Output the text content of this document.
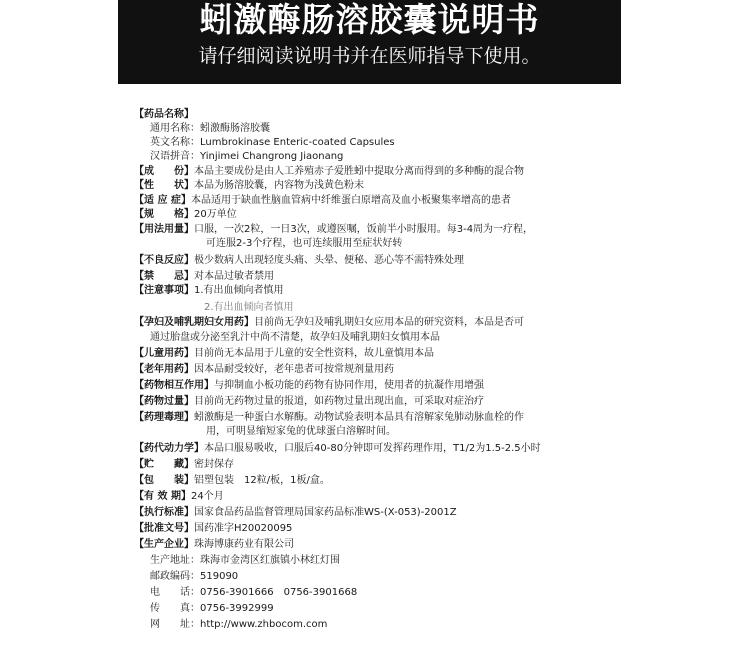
蚓激酶肠溶胶囊说明书
请仔细阅读说明书并在医师指导下使用。
【药品名称】
通用名称：蚓激酶肠溶胶囊
英文名称：Lumbrokinase Enteric-coated Capsules
汉语拼音：Yinjimei Changrong Jiaonang
【成　　份】本品主要成份是由人工养殖赤子爱胜蚓中提取分离而得到的多种酶的混合物
【性　　状】本品为肠溶胶囊，内容物为浅黄色粉末
【适 应 症】本品适用于缺血性脑血管病中纤维蛋白原增高及血小板聚集率增高的患者
【规　　格】20万单位
【用法用量】口服，一次2粒，一日3次，或遵医嘱，饭前半小时服用。每3-4周为一疗程，
可连服2-3个疗程，也可连续服用至症状好转
【不良反应】极少数病人出现轻度头痛、头晕、便秘、恶心等不需特殊处理
【禁　　忌】对本品过敏者禁用
【注意事项】1.有出血倾向者慎用
2.有出血倾向者慎用
【孕妇及哺乳期妇女用药】目前尚无孕妇及哺乳期妇女应用本品的研究资料，本品是否可
通过胎盘或分泌至乳汁中尚不清楚，故孕妇及哺乳期妇女慎用本品
【儿童用药】目前尚无本品用于儿童的安全性资料，故儿童慎用本品
【老年用药】因本品耐受较好，老年患者可按常规剂量用药
【药物相互作用】与抑制血小板功能的药物有协同作用，使用者的抗凝作用增强
【药物过量】目前尚无药物过量的报道，如药物过量出现出血，可采取对症治疗
【药理毒理】蚓激酶是一种蛋白水解酶。动物试验表明本品具有溶解家兔肺动脉血栓的作
用，可明显缩短家兔的优球蛋白溶解时间。
【药代动力学】本品口服易吸收，口服后40-80分钟即可发挥药理作用，T1/2为1.5-2.5小时
【贮　　藏】密封保存
【包　　装】铝塑包装　12粒/板，1板/盒。
【有 效 期】24个月
【执行标准】国家食品药品监督管理局国家药品标准WS-(X-053)-2001Z
【批准文号】国药准字H20020095
【生产企业】珠海博康药业有限公司
生产地址：珠海市金湾区红旗镇小林红灯围
邮政编码：519090
电　　话：0756-3901666　0756-3901668
传　　真：0756-3992999
网　　址：http://www.zhbocom.com
